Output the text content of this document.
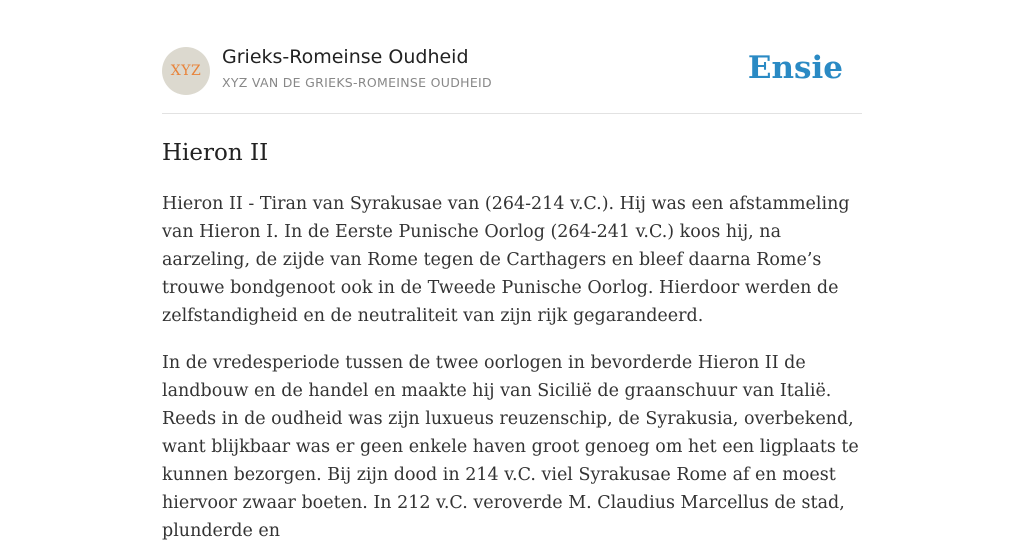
XYZ
Grieks-Romeinse Oudheid
XYZ VAN DE GRIEKS-ROMEINSE OUDHEID	Ensie
Hieron II

Hieron II - Tiran van Syrakusae van (264-214 v.C.). Hij was een afstammeling van Hieron I. In de Eerste Punische Oorlog (264-241 v.C.) koos hij, na aarzeling, de zijde van Rome tegen de Carthagers en bleef daarna Rome’s trouwe bondgenoot ook in de Tweede Punische Oorlog. Hierdoor werden de zelfstandigheid en de neutraliteit van zijn rijk gegarandeerd.

In de vredesperiode tussen de twee oorlogen in bevorderde Hieron II de landbouw en de handel en maakte hij van Sicilië de graanschuur van Italië. Reeds in de oudheid was zijn luxueus reuzenschip, de Syrakusia, overbekend, want blijkbaar was er geen enkele haven groot genoeg om het een ligplaats te kunnen bezorgen. Bij zijn dood in 214 v.C. viel Syrakusae Rome af en moest hiervoor zwaar boeten. In 212 v.C. veroverde M. Claudius Marcellus de stad, plunderde en
